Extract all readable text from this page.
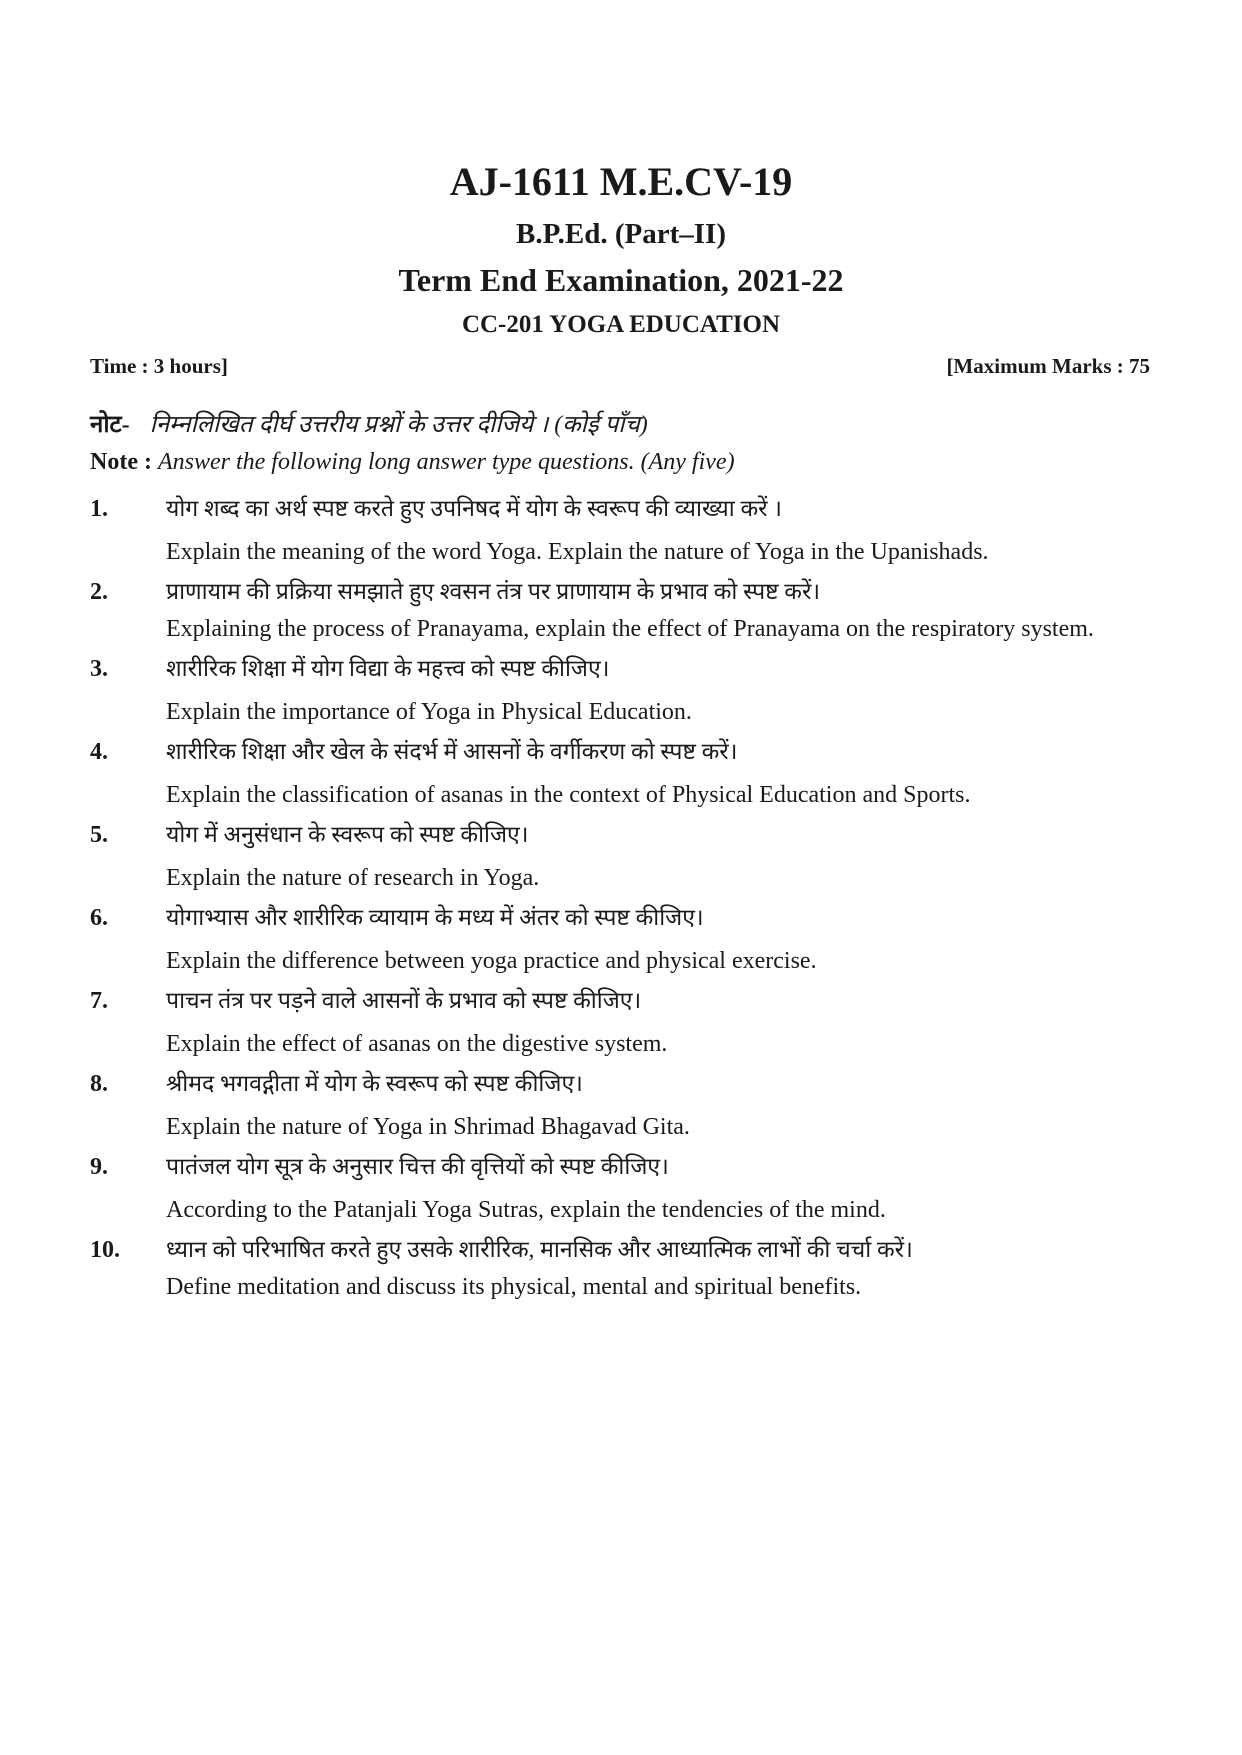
AJ-1611 M.E.CV-19
B.P.Ed. (Part–II)
Term End Examination, 2021-22
CC-201 YOGA EDUCATION
Time : 3 hours]	[Maximum Marks : 75
नोट- निम्नलिखित दीर्घ उत्तरीय प्रश्नों के उत्तर दीजिये । (कोई पाँच)
Note : Answer the following long answer type questions. (Any five)
1.	योग शब्द का अर्थ स्पष्ट करते हुए उपनिषद में योग के स्वरूप की व्याख्या करें ।
Explain the meaning of the word Yoga. Explain the nature of Yoga in the Upanishads.
2.	प्राणायाम की प्रक्रिया समझाते हुए श्वसन तंत्र पर प्राणायाम के प्रभाव को स्पष्ट करें।
Explaining the process of Pranayama, explain the effect of Pranayama on the respiratory system.
3.	शारीरिक शिक्षा में योग विद्या के महत्त्व को स्पष्ट कीजिए।
Explain the importance of Yoga in Physical Education.
4.	शारीरिक शिक्षा और खेल के संदर्भ में आसनों के वर्गीकरण को स्पष्ट करें।
Explain the classification of asanas in the context of Physical Education and Sports.
5.	योग में अनुसंधान के स्वरूप को स्पष्ट कीजिए।
Explain the nature of research in Yoga.
6.	योगाभ्यास और शारीरिक व्यायाम के मध्य में अंतर को स्पष्ट कीजिए।
Explain the difference between yoga practice and physical exercise.
7.	पाचन तंत्र पर पड़ने वाले आसनों के प्रभाव को स्पष्ट कीजिए।
Explain the effect of asanas on the digestive system.
8.	श्रीमद भगवद्गीता में योग के स्वरूप को स्पष्ट कीजिए।
Explain the nature of Yoga in Shrimad Bhagavad Gita.
9.	पातंजल योग सूत्र के अनुसार चित्त की वृत्तियों को स्पष्ट कीजिए।
According to the Patanjali Yoga Sutras, explain the tendencies of the mind.
10.	ध्यान को परिभाषित करते हुए उसके शारीरिक, मानसिक और आध्यात्मिक लाभों की चर्चा करें।
Define meditation and discuss its physical, mental and spiritual benefits.
